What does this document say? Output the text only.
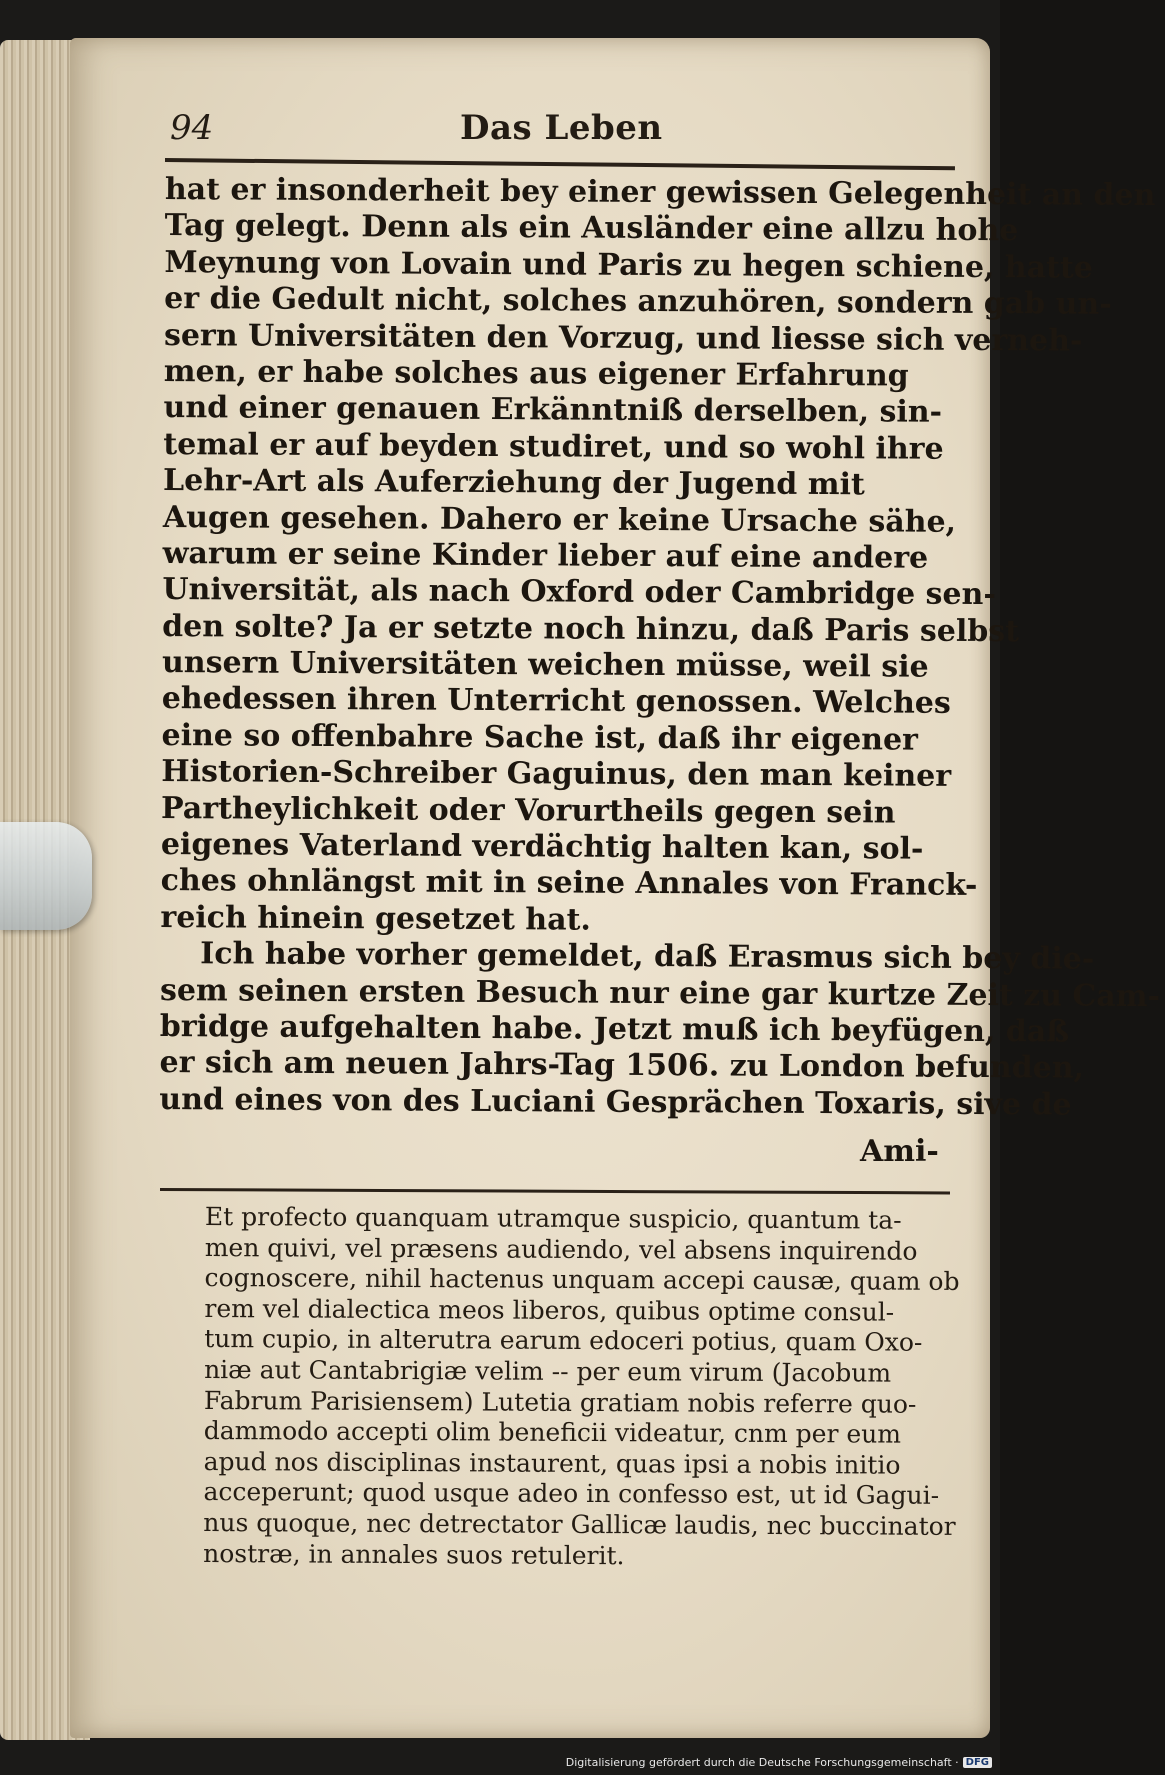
94	Das Leben
hat er insonderheit bey einer gewissen Gelegenheit an den
Tag gelegt. Denn als ein Ausländer eine allzu hohe
Meynung von Lovain und Paris zu hegen schiene, hatte
er die Gedult nicht, solches anzuhören, sondern gab un-
sern Universitäten den Vorzug, und liesse sich verneh-
men, er habe solches aus eigener Erfahrung
und einer genauen Erkänntniß derselben, sin-
temal er auf beyden studiret, und so wohl ihre
Lehr-Art als Auferziehung der Jugend mit
Augen gesehen. Dahero er keine Ursache sähe,
warum er seine Kinder lieber auf eine andere
Universität, als nach Oxford oder Cambridge sen-
den solte? Ja er setzte noch hinzu, daß Paris selbst
unsern Universitäten weichen müsse, weil sie
ehedessen ihren Unterricht genossen. Welches
eine so offenbahre Sache ist, daß ihr eigener
Historien-Schreiber Gaguinus, den man keiner
Partheylichkeit oder Vorurtheils gegen sein
eigenes Vaterland verdächtig halten kan, sol-
ches ohnlängst mit in seine Annales von Franck-
reich hinein gesetzet hat.
Ich habe vorher gemeldet, daß Erasmus sich bey die-
sem seinen ersten Besuch nur eine gar kurtze Zeit zu Cam-
bridge aufgehalten habe. Jetzt muß ich beyfügen, daß
er sich am neuen Jahrs-Tag 1506. zu London befunden,
und eines von des Luciani Gesprächen Toxaris, sive de
Ami-
Et profecto quanquam utramque suspicio, quantum ta-
men quivi, vel præsens audiendo, vel absens inquirendo
cognoscere, nihil hactenus unquam accepi causæ, quam ob
rem vel dialectica meos liberos, quibus optime consul-
tum cupio, in alterutra earum edoceri potius, quam Oxo-
niæ aut Cantabrigiæ velim -- per eum virum (Jacobum
Fabrum Parisiensem) Lutetia gratiam nobis referre quo-
dammodo accepti olim beneficii videatur, cnm per eum
apud nos disciplinas instaurent, quas ipsi a nobis initio
acceperunt; quod usque adeo in confesso est, ut id Gagui-
nus quoque, nec detrectator Gallicæ laudis, nec buccinator
nostræ, in annales suos retulerit.
Digitalisierung gefördert durch die Deutsche Forschungsgemeinschaft · DFG
